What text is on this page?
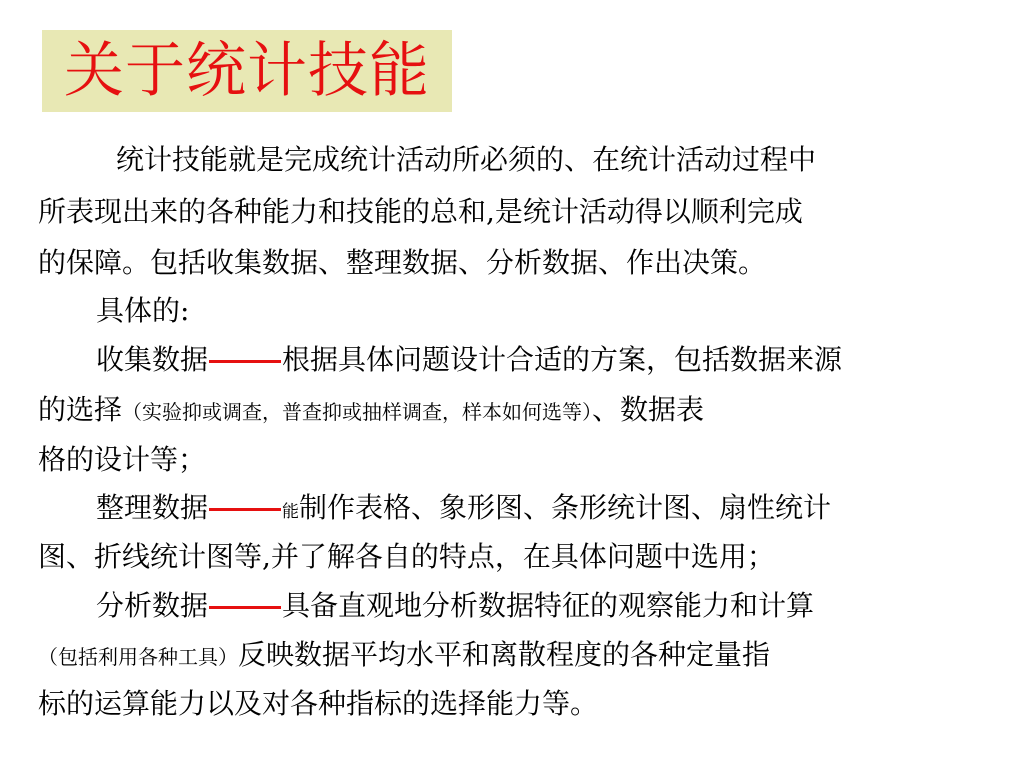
关于统计技能
统计技能就是完成统计活动所必须的、在统计活动过程中
所表现出来的各种能力和技能的总和,是统计活动得以顺利完成
的保障。包括收集数据、整理数据、分析数据、作出决策。
具体的:
收集数据	根据具体问题设计合适的方案，包括数据来源
的选择（实验抑或调查，普查抑或抽样调查，样本如何选等）、数据表
格的设计等；
整理数据	能制作表格、象形图、条形统计图、扇性统计
图、折线统计图等,并了解各自的特点，在具体问题中选用；
分析数据	具备直观地分析数据特征的观察能力和计算
（包括利用各种工具）反映数据平均水平和离散程度的各种定量指
标的运算能力以及对各种指标的选择能力等。
